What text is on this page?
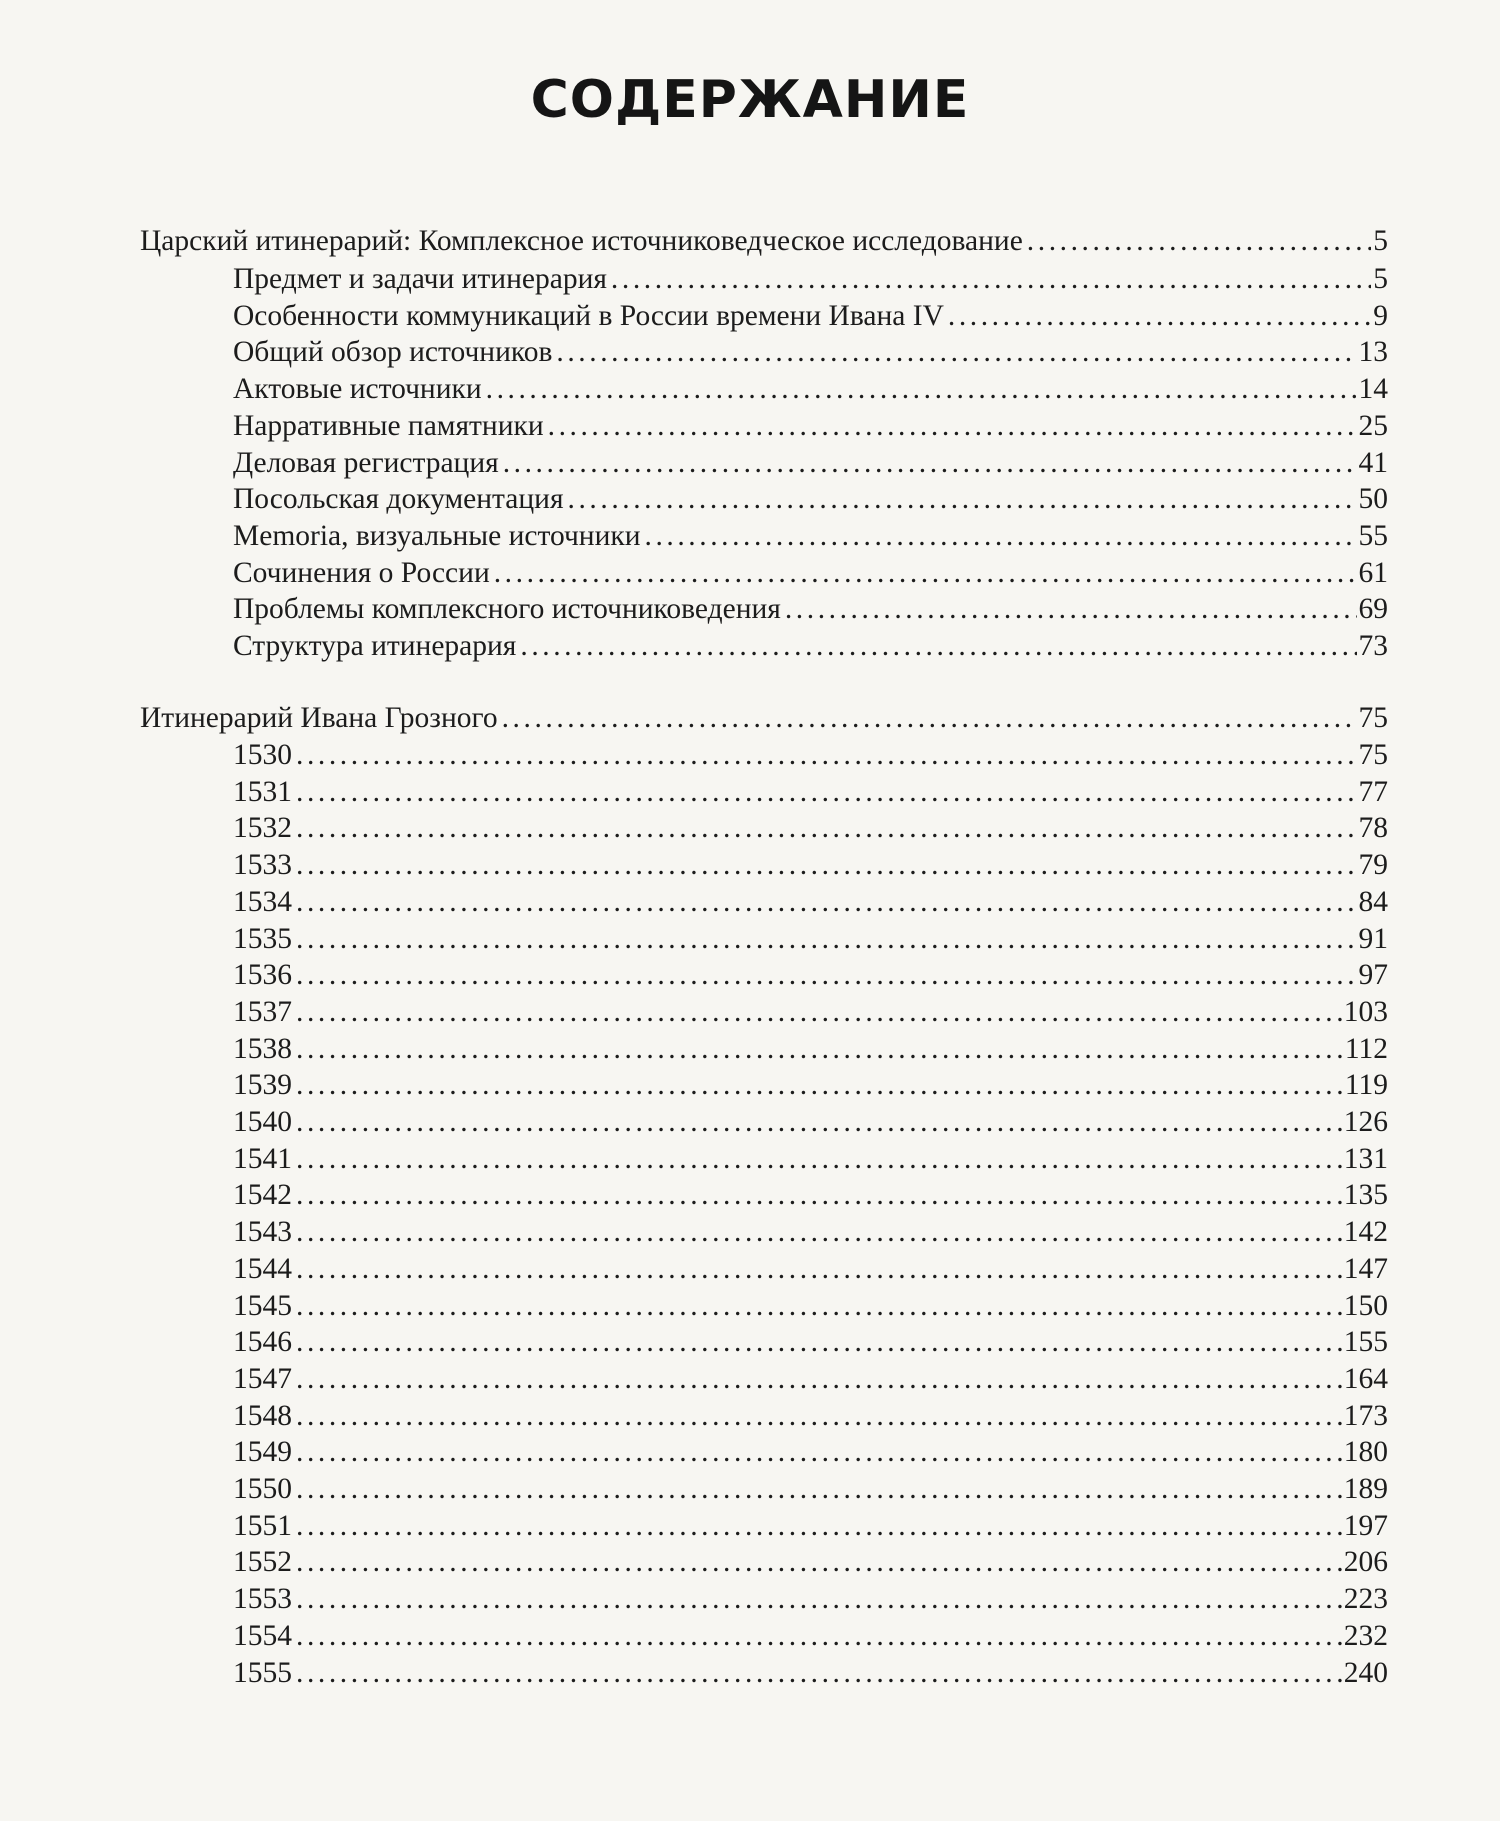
СОДЕРЖАНИЕ
Царский итинерарий: Комплексное источниковедческое исследование . . .	5
Предмет и задачи итинерария . . .	5
Особенности коммуникаций в России времени Ивана IV . . .	9
Общий обзор источников . . .	13
Актовые источники . . .	14
Нарративные памятники . . .	25
Деловая регистрация . . .	41
Посольская документация . . .	50
Memoria, визуальные источники . . .	55
Сочинения о России . . .	61
Проблемы комплексного источниковедения . . .	69
Структура итинерария . . .	73
Итинерарий Ивана Грозного . . .	75
1530 . . .	75
1531 . . .	77
1532 . . .	78
1533 . . .	79
1534 . . .	84
1535 . . .	91
1536 . . .	97
1537 . . .	103
1538 . . .	112
1539 . . .	119
1540 . . .	126
1541 . . .	131
1542 . . .	135
1543 . . .	142
1544 . . .	147
1545 . . .	150
1546 . . .	155
1547 . . .	164
1548 . . .	173
1549 . . .	180
1550 . . .	189
1551 . . .	197
1552 . . .	206
1553 . . .	223
1554 . . .	232
1555 . . .	240
